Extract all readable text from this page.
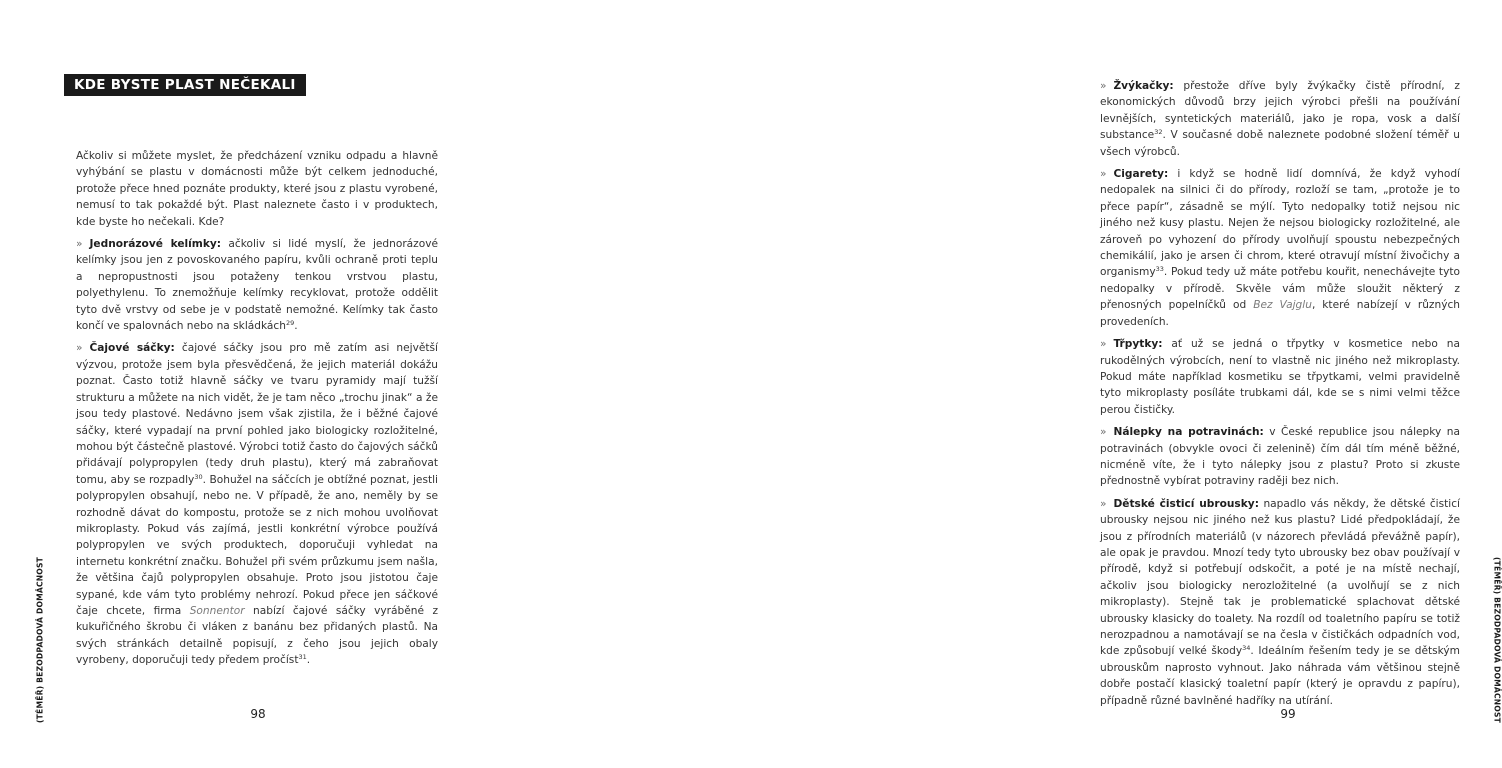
KDE BYSTE PLAST NEČEKALI

Ačkoliv si můžete myslet, že předcházení vzniku odpadu a hlavně vyhýbání se plastu v domácnosti může být celkem jednoduché, protože přece hned poznáte produkty, které jsou z plastu vyrobené, nemusí to tak pokaždé být. Plast naleznete často i v produktech, kde byste ho nečekali. Kde?

» Jednorázové kelímky: ačkoliv si lidé myslí, že jednorázové kelímky jsou jen z povoskovaného papíru, kvůli ochraně proti teplu a nepropustnosti jsou potaženy tenkou vrstvou plastu, polyethylenu. To znemožňuje kelímky recyklovat, protože oddělit tyto dvě vrstvy od sebe je v podstatě nemožné. Kelímky tak často končí ve spalovnách nebo na skládkách$^{29}$.

» Čajové sáčky: čajové sáčky jsou pro mě zatím asi největší výzvou, protože jsem byla přesvědčená, že jejich materiál dokážu poznat. Často totiž hlavně sáčky ve tvaru pyramidy mají tužší strukturu a můžete na nich vidět, že je tam něco „trochu jinak“ a že jsou tedy plastové. Nedávno jsem však zjistila, že i běžné čajové sáčky, které vypadají na první pohled jako biologicky rozložitelné, mohou být částečně plastové. Výrobci totiž často do čajových sáčků přidávají polypropylen (tedy druh plastu), který má zabraňovat tomu, aby se rozpadly$^{30}$. Bohužel na sáčcích je obtížné poznat, jestli polypropylen obsahují, nebo ne. V případě, že ano, neměly by se rozhodně dávat do kompostu, protože se z nich mohou uvolňovat mikroplasty. Pokud vás zajímá, jestli konkrétní výrobce používá polypropylen ve svých produktech, doporučuji vyhledat na internetu konkrétní značku. Bohužel při svém průzkumu jsem našla, že většina čajů polypropylen obsahuje. Proto jsou jistotou čaje sypané, kde vám tyto problémy nehrozí. Pokud přece jen sáčkové čaje chcete, firma Sonnentor nabízí čajové sáčky vyráběné z kukuřičného škrobu či vláken z banánu bez přidaných plastů. Na svých stránkách detailně popisují, z čeho jsou jejich obaly vyrobeny, doporučuji tedy předem pročíst$^{31}$.

(TÉMĚŘ) BEZODPADOVÁ DOMÁCNOST	98

» Žvýkačky: přestože dříve byly žvýkačky čistě přírodní, z ekonomických důvodů brzy jejich výrobci přešli na používání levnějších, syntetických materiálů, jako je ropa, vosk a další substance$^{32}$. V současné době naleznete podobné složení téměř u všech výrobců.

» Cigarety: i když se hodně lidí domnívá, že když vyhodí nedopalek na silnici či do přírody, rozloží se tam, „protože je to přece papír“, zásadně se mýlí. Tyto nedopalky totiž nejsou nic jiného než kusy plastu. Nejen že nejsou biologicky rozložitelné, ale zároveň po vyhození do přírody uvolňují spoustu nebezpečných chemikálií, jako je arsen či chrom, které otravují místní živočichy a organismy$^{33}$. Pokud tedy už máte potřebu kouřit, nenechávejte tyto nedopalky v přírodě. Skvěle vám může sloužit některý z přenosných popelníčků od Bez Vajglu, které nabízejí v různých provedeních.

» Třpytky: ať už se jedná o třpytky v kosmetice nebo na rukodělných výrobcích, není to vlastně nic jiného než mikroplasty. Pokud máte například kosmetiku se třpytkami, velmi pravidelně tyto mikroplasty posíláte trubkami dál, kde se s nimi velmi těžce perou čističky.

» Nálepky na potravinách: v České republice jsou nálepky na potravinách (obvykle ovoci či zelenině) čím dál tím méně běžné, nicméně víte, že i tyto nálepky jsou z plastu? Proto si zkuste přednostně vybírat potraviny raději bez nich.

» Dětské čisticí ubrousky: napadlo vás někdy, že dětské čisticí ubrousky nejsou nic jiného než kus plastu? Lidé předpokládají, že jsou z přírodních materiálů (v názorech převládá převážně papír), ale opak je pravdou. Mnozí tedy tyto ubrousky bez obav používají v přírodě, když si potřebují odskočit, a poté je na místě nechají, ačkoliv jsou biologicky nerozložitelné (a uvolňují se z nich mikroplasty). Stejně tak je problematické splachovat dětské ubrousky klasicky do toalety. Na rozdíl od toaletního papíru se totiž nerozpadnou a namotávají se na česla v čističkách odpadních vod, kde způsobují velké škody$^{34}$. Ideálním řešením tedy je se dětským ubrouskům naprosto vyhnout. Jako náhrada vám většinou stejně dobře postačí klasický toaletní papír (který je opravdu z papíru), případně různé bavlněné hadříky na utírání.	(TÉMĚŘ) BEZODPADOVÁ DOMÁCNOST
99
